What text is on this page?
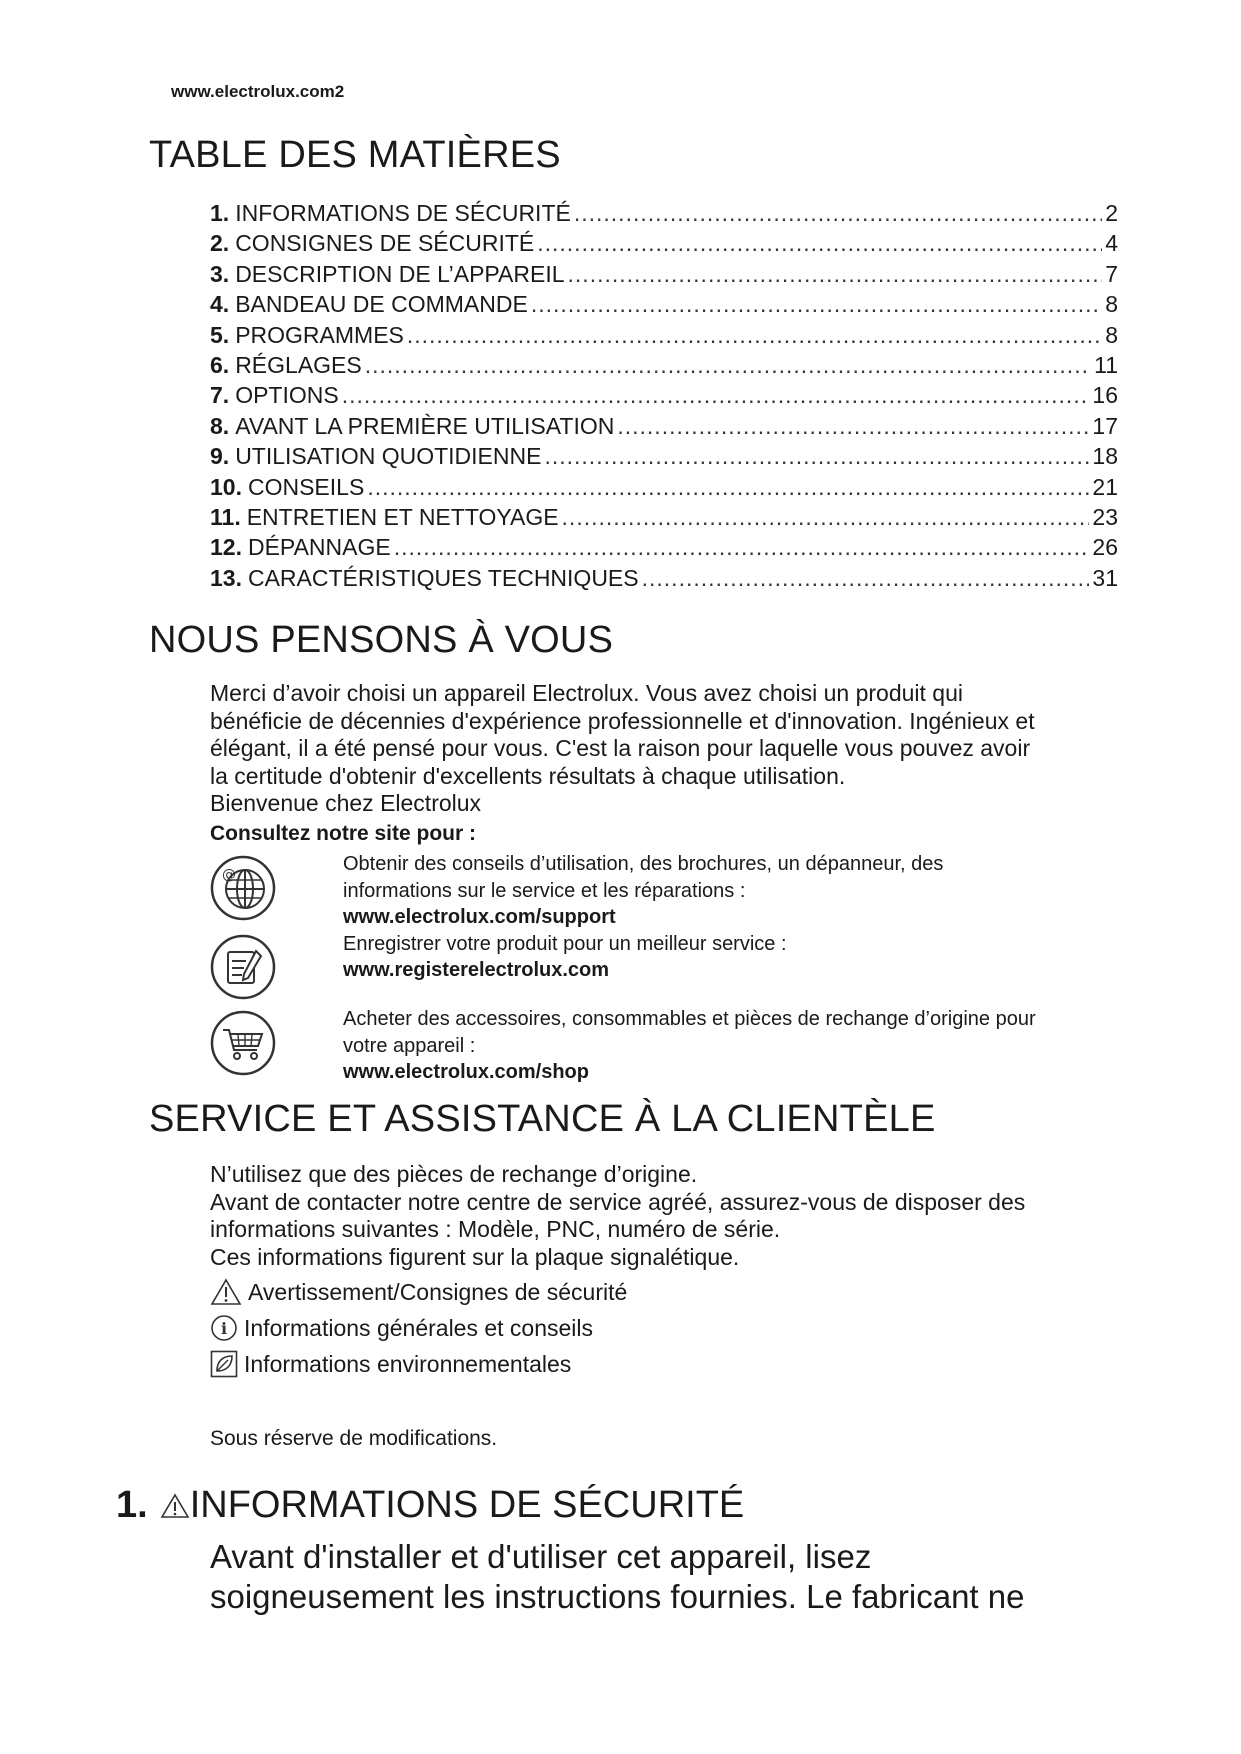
www.electrolux.com2
TABLE DES MATIÈRES
1. INFORMATIONS DE SÉCURITÉ .....	2
2. CONSIGNES DE SÉCURITÉ .....	4
3. DESCRIPTION DE L’APPAREIL .....	7
4. BANDEAU DE COMMANDE .....	8
5. PROGRAMMES .....	8
6. RÉGLAGES .....	11
7. OPTIONS .....	16
8. AVANT LA PREMIÈRE UTILISATION .....	17
9. UTILISATION QUOTIDIENNE .....	18
10. CONSEILS .....	21
11. ENTRETIEN ET NETTOYAGE .....	23
12. DÉPANNAGE .....	26
13. CARACTÉRISTIQUES TECHNIQUES .....	31
NOUS PENSONS À VOUS

Merci d’avoir choisi un appareil Electrolux. Vous avez choisi un produit qui

bénéficie de décennies d'expérience professionnelle et d'innovation. Ingénieux et

élégant, il a été pensé pour vous. C'est la raison pour laquelle vous pouvez avoir

la certitude d'obtenir d'excellents résultats à chaque utilisation.

Bienvenue chez Electrolux

Consultez notre site pour :

@	Obtenir des conseils d’utilisation, des brochures, un dépanneur, des

informations sur le service et les réparations :

www.electrolux.com/support

Enregistrer votre produit pour un meilleur service :

www.registerelectrolux.com

Acheter des accessoires, consommables et pièces de rechange d’origine pour

votre appareil :

www.electrolux.com/shop

SERVICE ET ASSISTANCE À LA CLIENTÈLE

N’utilisez que des pièces de rechange d’origine.

Avant de contacter notre centre de service agréé, assurez-vous de disposer des

informations suivantes : Modèle, PNC, numéro de série.

Ces informations figurent sur la plaque signalétique.

Avertissement/Consignes de sécurité
i Informations générales et conseils
Informations environnementales
Sous réserve de modifications.
1. INFORMATIONS DE SÉCURITÉ
Avant d'installer et d'utiliser cet appareil, lisez
soigneusement les instructions fournies. Le fabricant ne
